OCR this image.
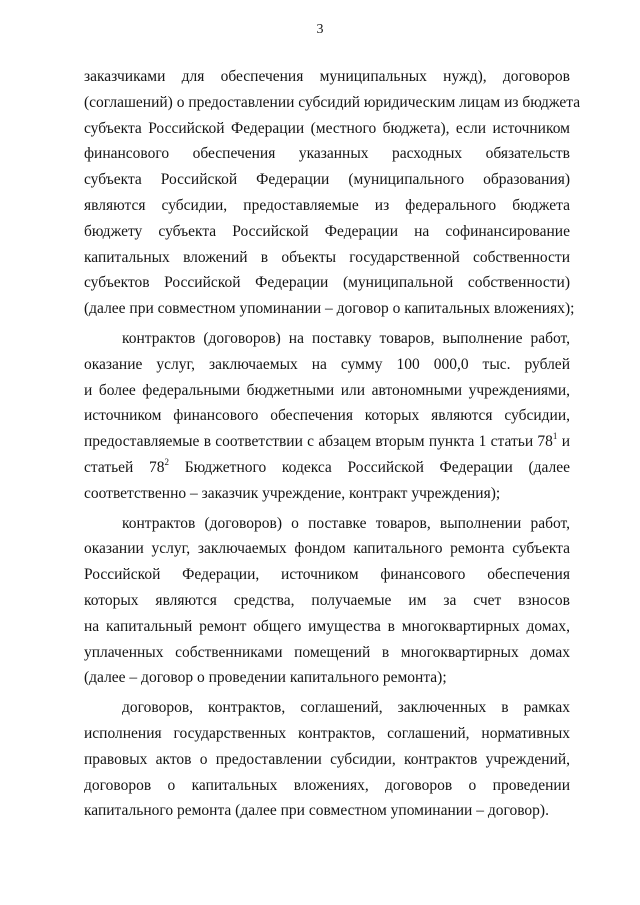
3
заказчиками для обеспечения муниципальных нужд), договоров
(соглашений) о предоставлении субсидий юридическим лицам из бюджета
субъекта Российской Федерации (местного бюджета), если источником
финансового обеспечения указанных расходных обязательств
субъекта Российской Федерации (муниципального образования)
являются субсидии, предоставляемые из федерального бюджета
бюджету субъекта Российской Федерации на софинансирование
капитальных вложений в объекты государственной собственности
субъектов Российской Федерации (муниципальной собственности)
(далее при совместном упоминании – договор о капитальных вложениях);
контрактов (договоров) на поставку товаров, выполнение работ,
оказание услуг, заключаемых на сумму 100 000,0 тыс. рублей
и более федеральными бюджетными или автономными учреждениями,
источником финансового обеспечения которых являются субсидии,
предоставляемые в соответствии с абзацем вторым пункта 1 статьи $78^1$ и
статьей $78^2$ Бюджетного кодекса Российской Федерации (далее
соответственно – заказчик учреждение, контракт учреждения);
контрактов (договоров) о поставке товаров, выполнении работ,
оказании услуг, заключаемых фондом капитального ремонта субъекта
Российской Федерации, источником финансового обеспечения
которых являются средства, получаемые им за счет взносов
на капитальный ремонт общего имущества в многоквартирных домах,
уплаченных собственниками помещений в многоквартирных домах
(далее – договор о проведении капитального ремонта);
договоров, контрактов, соглашений, заключенных в рамках
исполнения государственных контрактов, соглашений, нормативных
правовых актов о предоставлении субсидии, контрактов учреждений,
договоров о капитальных вложениях, договоров о проведении
капитального ремонта (далее при совместном упоминании – договор).
